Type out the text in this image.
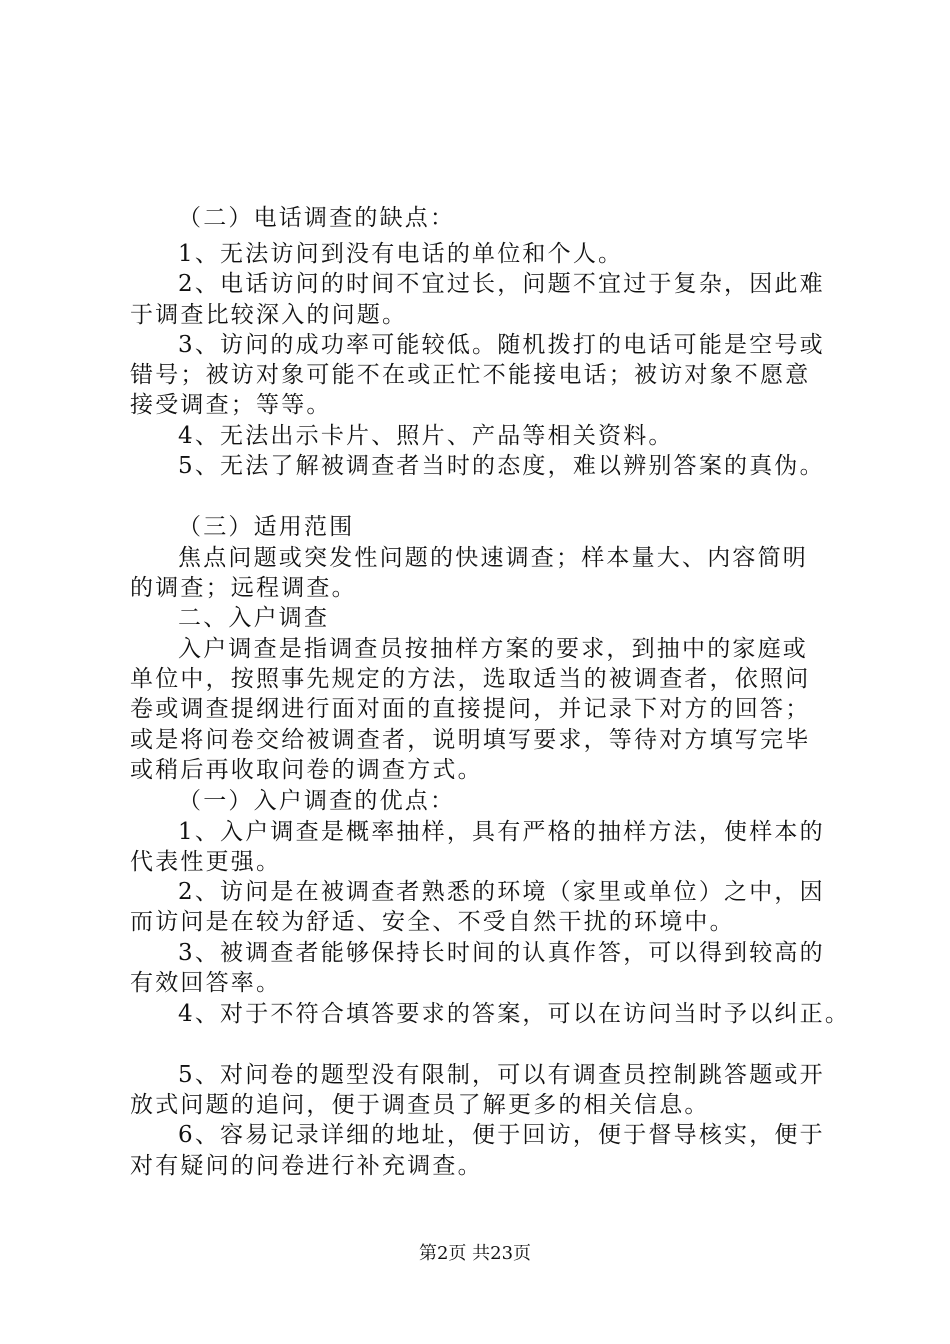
（二）电话调查的缺点：
1、无法访问到没有电话的单位和个人。
2、电话访问的时间不宜过长，问题不宜过于复杂，因此难
于调查比较深入的问题。
3、访问的成功率可能较低。随机拨打的电话可能是空号或
错号；被访对象可能不在或正忙不能接电话；被访对象不愿意
接受调查；等等。
4、无法出示卡片、照片、产品等相关资料。
5、无法了解被调查者当时的态度，难以辨别答案的真伪。
（三）适用范围
焦点问题或突发性问题的快速调查；样本量大、内容简明
的调查；远程调查。
二、入户调查
入户调查是指调查员按抽样方案的要求，到抽中的家庭或
单位中，按照事先规定的方法，选取适当的被调查者，依照问
卷或调查提纲进行面对面的直接提问，并记录下对方的回答；
或是将问卷交给被调查者，说明填写要求，等待对方填写完毕
或稍后再收取问卷的调查方式。
（一）入户调查的优点：
1、入户调查是概率抽样，具有严格的抽样方法，使样本的
代表性更强。
2、访问是在被调查者熟悉的环境（家里或单位）之中，因
而访问是在较为舒适、安全、不受自然干扰的环境中。
3、被调查者能够保持长时间的认真作答，可以得到较高的
有效回答率。
4、对于不符合填答要求的答案，可以在访问当时予以纠正。
5、对问卷的题型没有限制，可以有调查员控制跳答题或开
放式问题的追问，便于调查员了解更多的相关信息。
6、容易记录详细的地址，便于回访，便于督导核实，便于
对有疑问的问卷进行补充调查。
第2页 共23页
